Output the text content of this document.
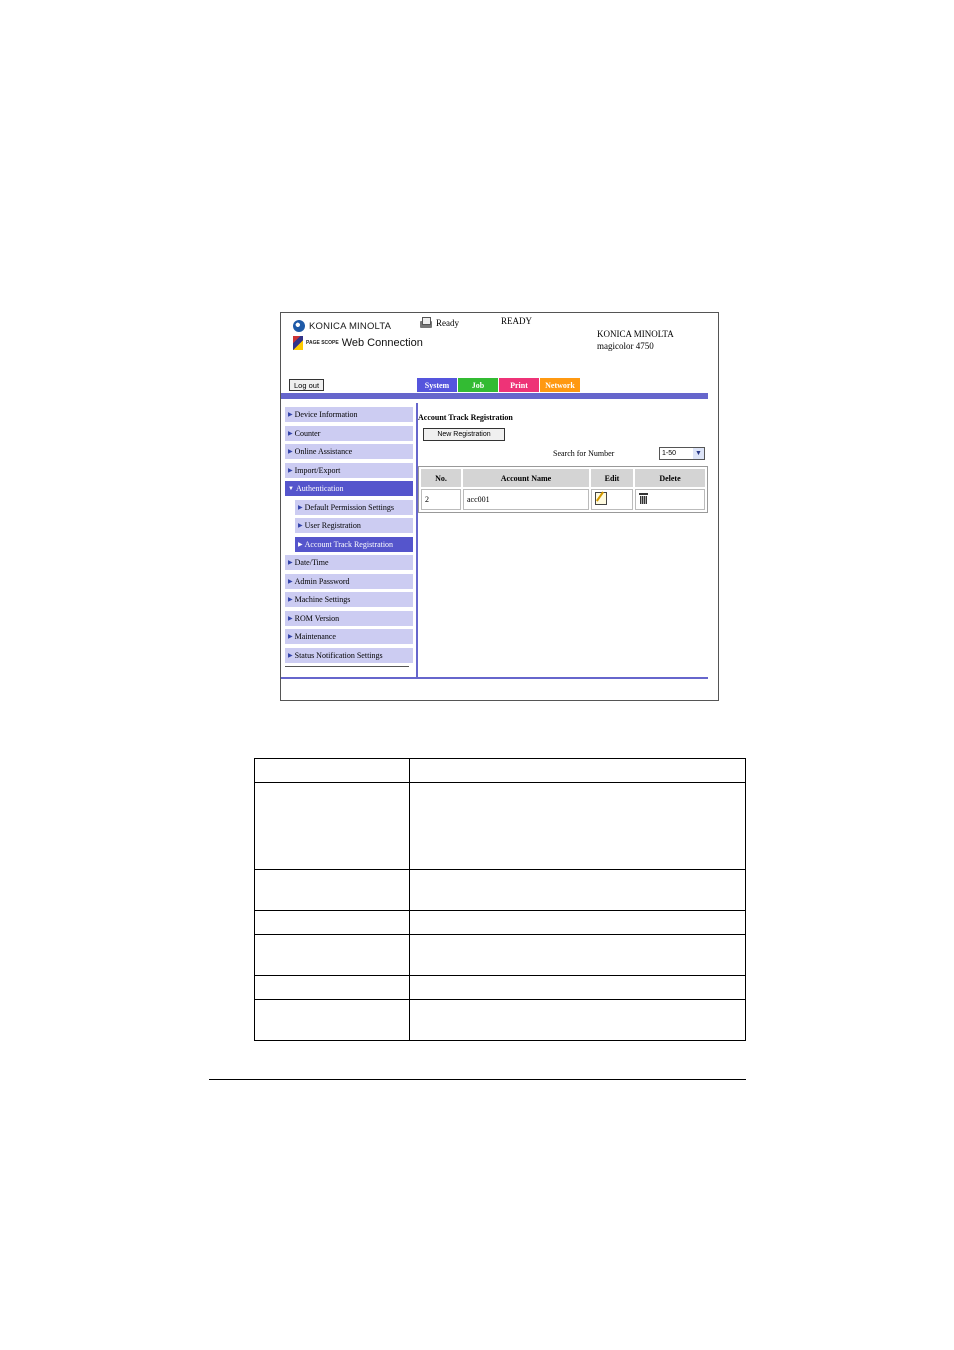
KONICA MINOLTA
PAGE SCOPE Web Connection
Ready	READY
KONICA MINOLTA
magicolor 4750
Log out	System	Job	Print	Network
▶ Device Information
▶ Counter
▶ Online Assistance
▶ Import/Export
▼ Authentication
▶ Default Permission Settings
▶ User Registration
▶ Account Track Registration
▶ Date/Time
▶ Admin Password
▶ Machine Settings
▶ ROM Version
▶ Maintenance
▶ Status Notification Settings
Account Track Registration
New Registration
Search for Number	1-50	▼
No.	Account Name	Edit	Delete
2	acc001		
